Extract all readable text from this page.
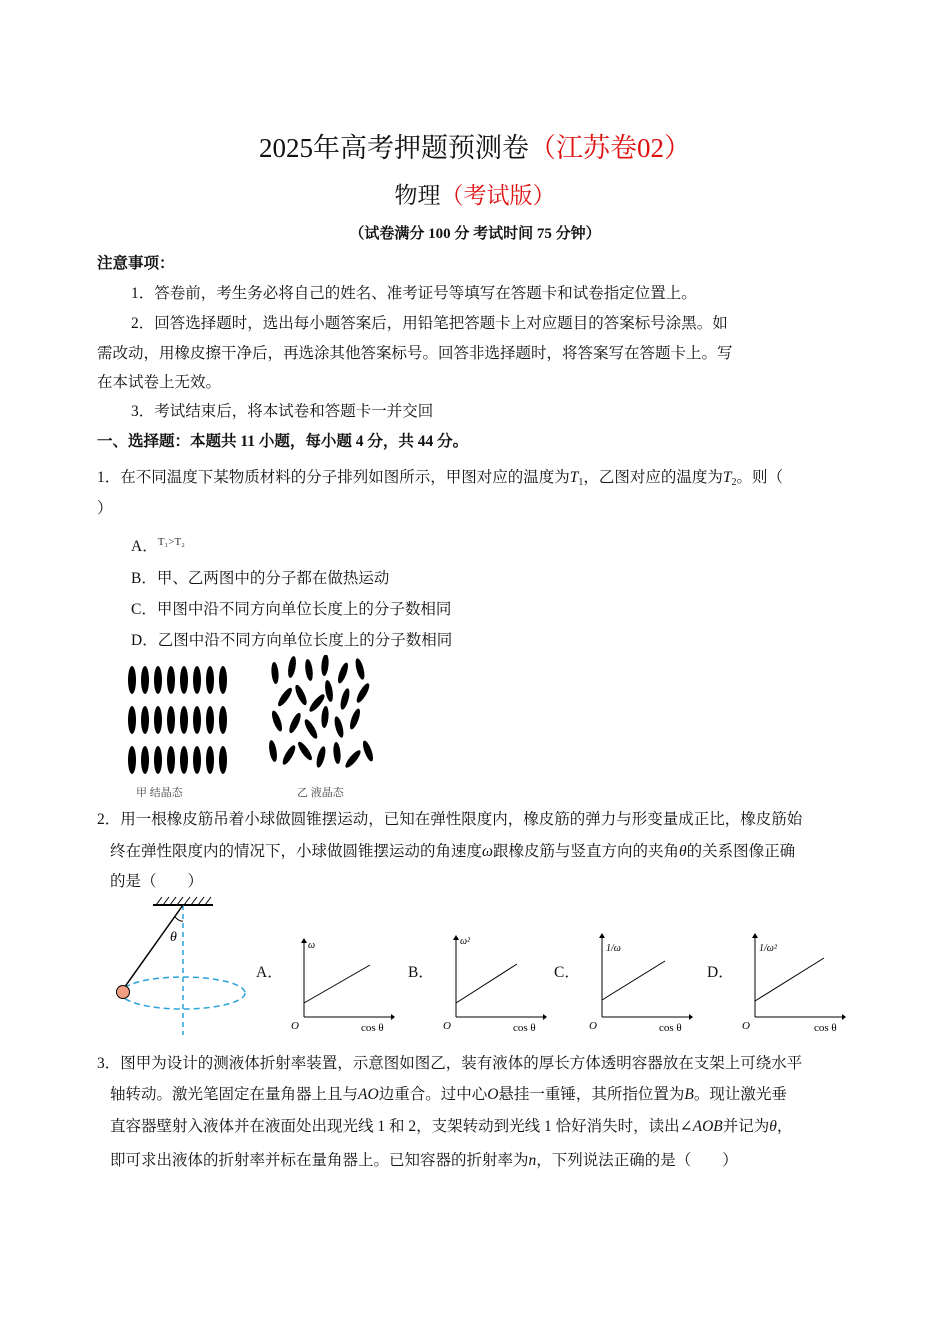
2025年高考押题预测卷（江苏卷02）
物理（考试版）
（试卷满分 100 分 考试时间 75 分钟）
注意事项：
1．答卷前，考生务必将自己的姓名、准考证号等填写在答题卡和试卷指定位置上。
2．回答选择题时，选出每小题答案后，用铅笔把答题卡上对应题目的答案标号涂黑。如
需改动，用橡皮擦干净后，再选涂其他答案标号。回答非选择题时，将答案写在答题卡上。写
在本试卷上无效。
3．考试结束后，将本试卷和答题卡一并交回
一、选择题：本题共 11 小题，每小题 4 分，共 44 分。
1．在不同温度下某物质材料的分子排列如图所示，甲图对应的温度为$T_1$，乙图对应的温度为$T_2$。则（
）
A．$^{T_1>T_2}$
B．甲、乙两图中的分子都在做热运动
C．甲图中沿不同方向单位长度上的分子数相同
D．乙图中沿不同方向单位长度上的分子数相同
甲 结晶态	乙 液晶态
2．用一根橡皮筋吊着小球做圆锥摆运动，已知在弹性限度内，橡皮筋的弹力与形变量成正比，橡皮筋始
终在弹性限度内的情况下，小球做圆锥摆运动的角速度ω跟橡皮筋与竖直方向的夹角θ的关系图像正确
的是（　　）
θ
A．
ω
O	cos θ
B．
ω²
O	cos θ
C．
1/ω
O	cos θ
D．
1/ω²
O	cos θ
3．图甲为设计的测液体折射率装置，示意图如图乙，装有液体的厚长方体透明容器放在支架上可绕水平
轴转动。激光笔固定在量角器上且与AO边重合。过中心O悬挂一重锤，其所指位置为B。现让激光垂
直容器壁射入液体并在液面处出现光线 1 和 2，支架转动到光线 1 恰好消失时，读出∠AOB并记为θ，
即可求出液体的折射率并标在量角器上。已知容器的折射率为n，下列说法正确的是（　　）
